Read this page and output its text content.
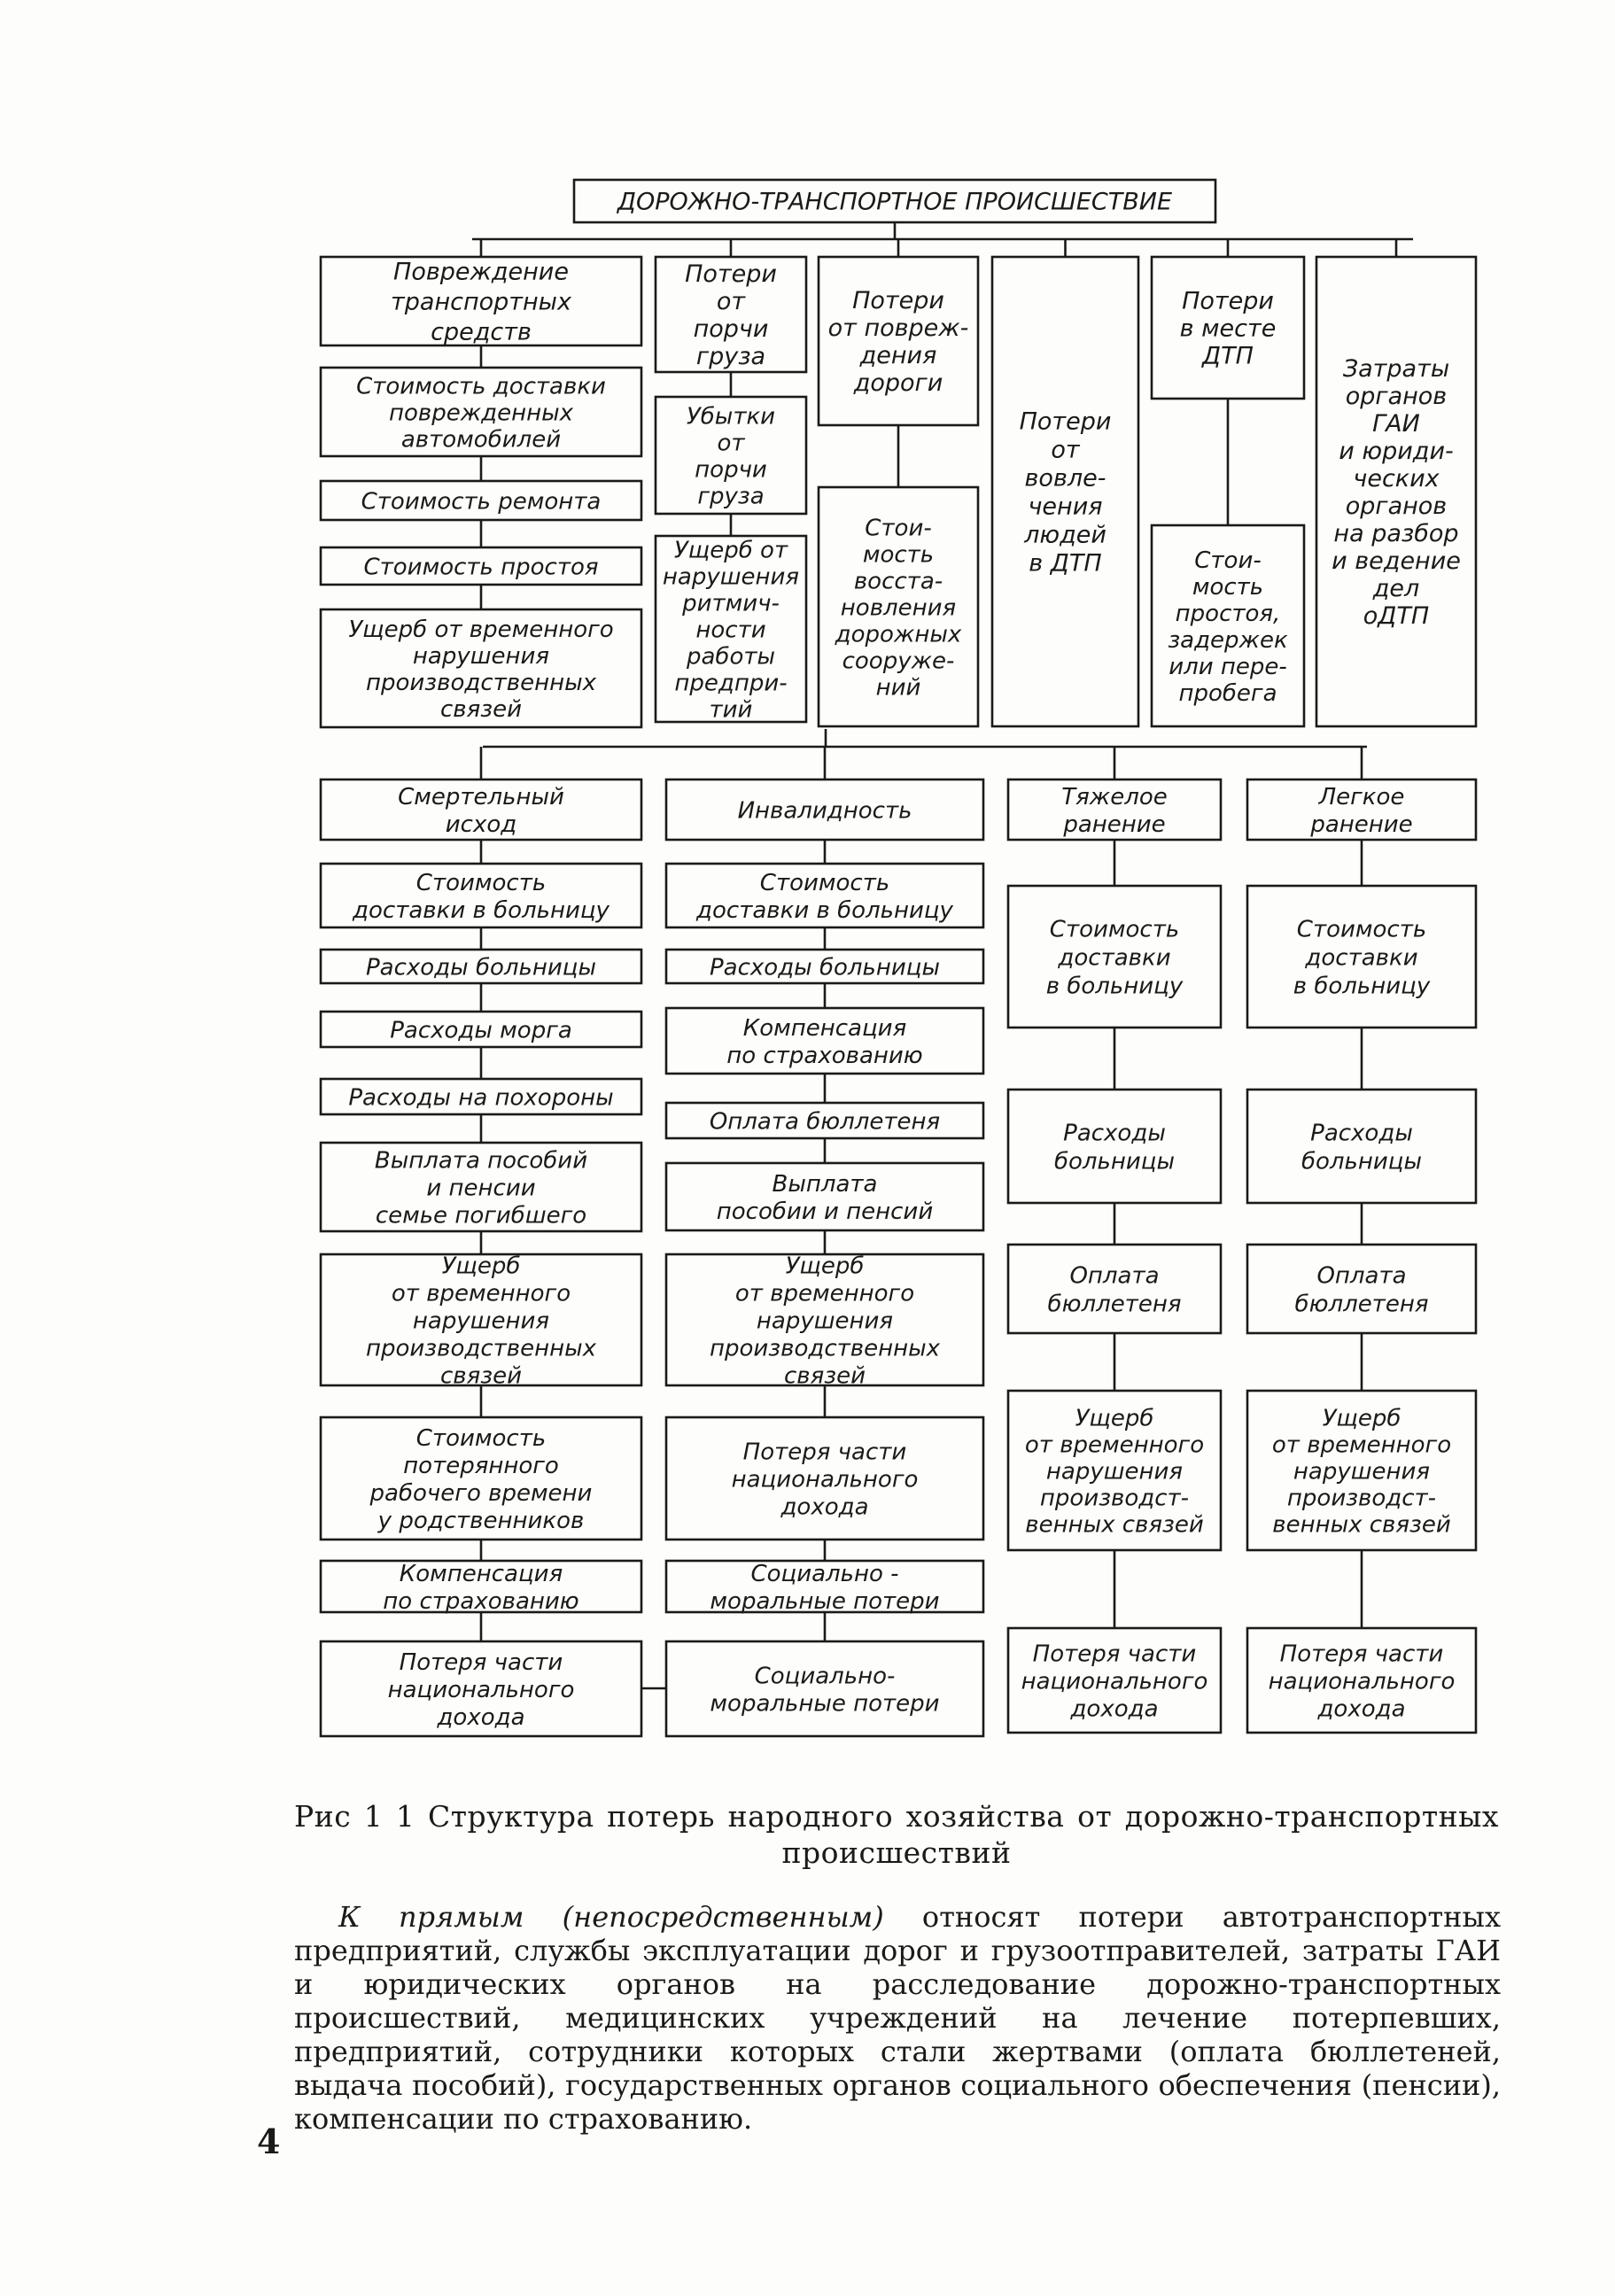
ДОРОЖНО-ТРАНСПОРТНОЕ ПРОИСШЕСТВИЕ
Повреждение транспортных средств
Стоимость доставки поврежденных автомобилей
Стоимость ремонта
Стоимость простоя
Ущерб от временного нарушения производственных связей
Потери от порчи груза
Убытки от порчи груза
Ущерб от нарушения ритмич-ности работы предпри-тий
Потери от повреж-дения дороги
Стои-мость восста-новления дорожных сооруже-ний
Потери от вовле-чения людей в ДТП
Потери в месте ДТП
Стои-мость простоя, задержек или пере-пробега
Затраты органов ГАИ и юриди-ческих органов на разбор и ведение дел оДТП
Смертельный исход
Стоимость доставки в больницу
Расходы больницы
Расходы морга
Расходы на похороны
Выплата пособий и пенсии семье погибшего
Ущерб от временного нарушения производственных связей
Стоимость потерянного рабочего времени у родственников
Компенсация по страхованию
Потеря части национального дохода
Инвалидность
Стоимость доставки в больницу
Расходы больницы
Компенсация по страхованию
Оплата бюллетеня
Выплата пособии и пенсий
Ущерб от временного нарушения производственных связей
Потеря части национального дохода
Социально -моральные потери
Социально-моральные потери
Тяжелое ранение
Стоимость доставки в больницу
Расходы больницы
Оплата бюллетеня
Ущерб от временного нарушения производст-венных связей
Потеря части национального дохода
Легкое ранение
Стоимость доставки в больницу
Расходы больницы
Оплата бюллетеня
Ущерб от временного нарушения производст-венных связей
Потеря части национального дохода
Рис 1 1 Структура потерь народного хозяйства от дорожно-транспортных
происшествий

К прямым (непосредственным) относят потери автотранспортных предприятий, службы эксплуатации дорог и грузоотправителей, затраты ГАИ и юридических органов на расследование дорожно-транспортных происшествий, медицинских учреждений на лечение потерпевших, предприятий, сотрудники которых стали жертвами (оплата бюллетеней, выдача пособий), государственных органов социального обеспечения (пенсии), компенсации по страхованию.

4
